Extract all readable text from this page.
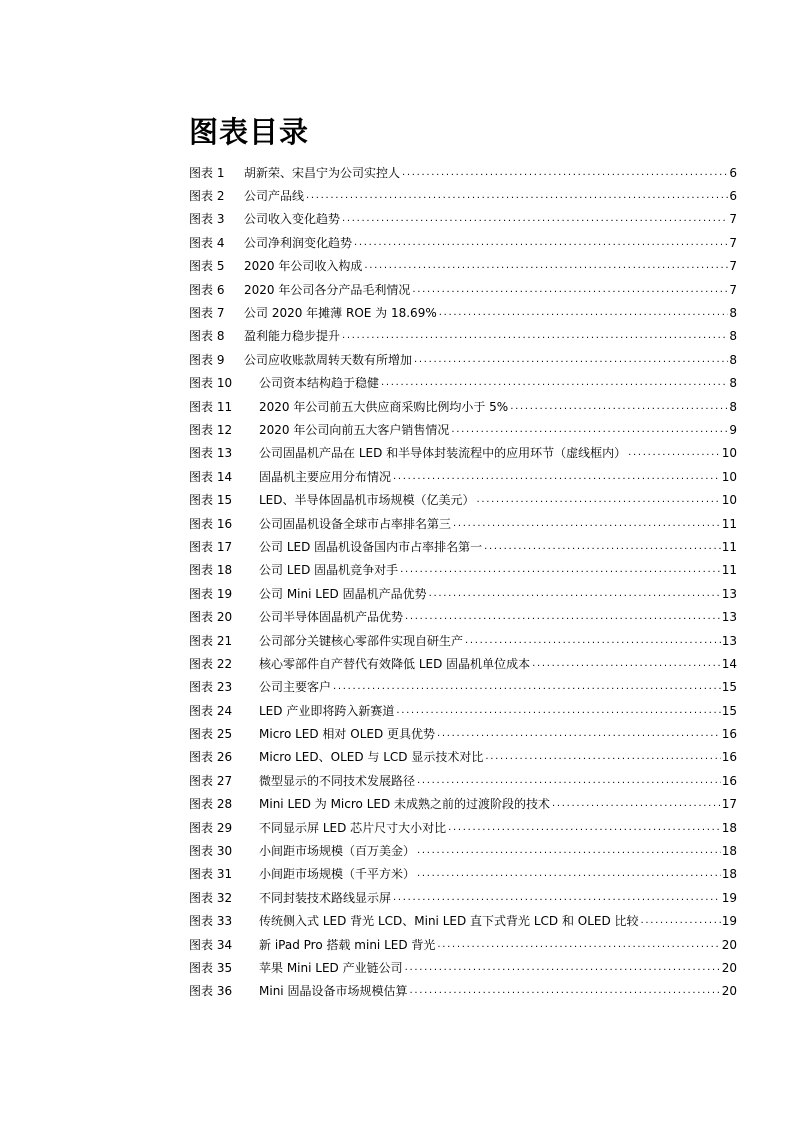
图表目录
图表 1	胡新荣、宋昌宁为公司实控人 .....	6
图表 2	公司产品线 .....	6
图表 3	公司收入变化趋势 .....	7
图表 4	公司净利润变化趋势 .....	7
图表 5	2020 年公司收入构成 .....	7
图表 6	2020 年公司各分产品毛利情况 .....	7
图表 7	公司 2020 年摊薄 ROE 为 18.69% .....	8
图表 8	盈利能力稳步提升 .....	8
图表 9	公司应收账款周转天数有所增加 .....	8
图表 10	公司资本结构趋于稳健 .....	8
图表 11	2020 年公司前五大供应商采购比例均小于 5% .....	8
图表 12	2020 年公司向前五大客户销售情况 .....	9
图表 13	公司固晶机产品在 LED 和半导体封装流程中的应用环节（虚线框内） .....	10
图表 14	固晶机主要应用分布情况 .....	10
图表 15	LED、半导体固晶机市场规模（亿美元） .....	10
图表 16	公司固晶机设备全球市占率排名第三 .....	11
图表 17	公司 LED 固晶机设备国内市占率排名第一 .....	11
图表 18	公司 LED 固晶机竞争对手 .....	11
图表 19	公司 Mini LED 固晶机产品优势 .....	13
图表 20	公司半导体固晶机产品优势 .....	13
图表 21	公司部分关键核心零部件实现自研生产 .....	13
图表 22	核心零部件自产替代有效降低 LED 固晶机单位成本 .....	14
图表 23	公司主要客户 .....	15
图表 24	LED 产业即将跨入新赛道 .....	15
图表 25	Micro LED 相对 OLED 更具优势 .....	16
图表 26	Micro LED、OLED 与 LCD 显示技术对比 .....	16
图表 27	微型显示的不同技术发展路径 .....	16
图表 28	Mini LED 为 Micro LED 未成熟之前的过渡阶段的技术 .....	17
图表 29	不同显示屏 LED 芯片尺寸大小对比 .....	18
图表 30	小间距市场规模（百万美金） .....	18
图表 31	小间距市场规模（千平方米） .....	18
图表 32	不同封装技术路线显示屏 .....	19
图表 33	传统侧入式 LED 背光 LCD、Mini LED 直下式背光 LCD 和 OLED 比较 .....	19
图表 34	新 iPad Pro 搭载 mini LED 背光 .....	20
图表 35	苹果 Mini LED 产业链公司 .....	20
图表 36	Mini 固晶设备市场规模估算 .....	20
